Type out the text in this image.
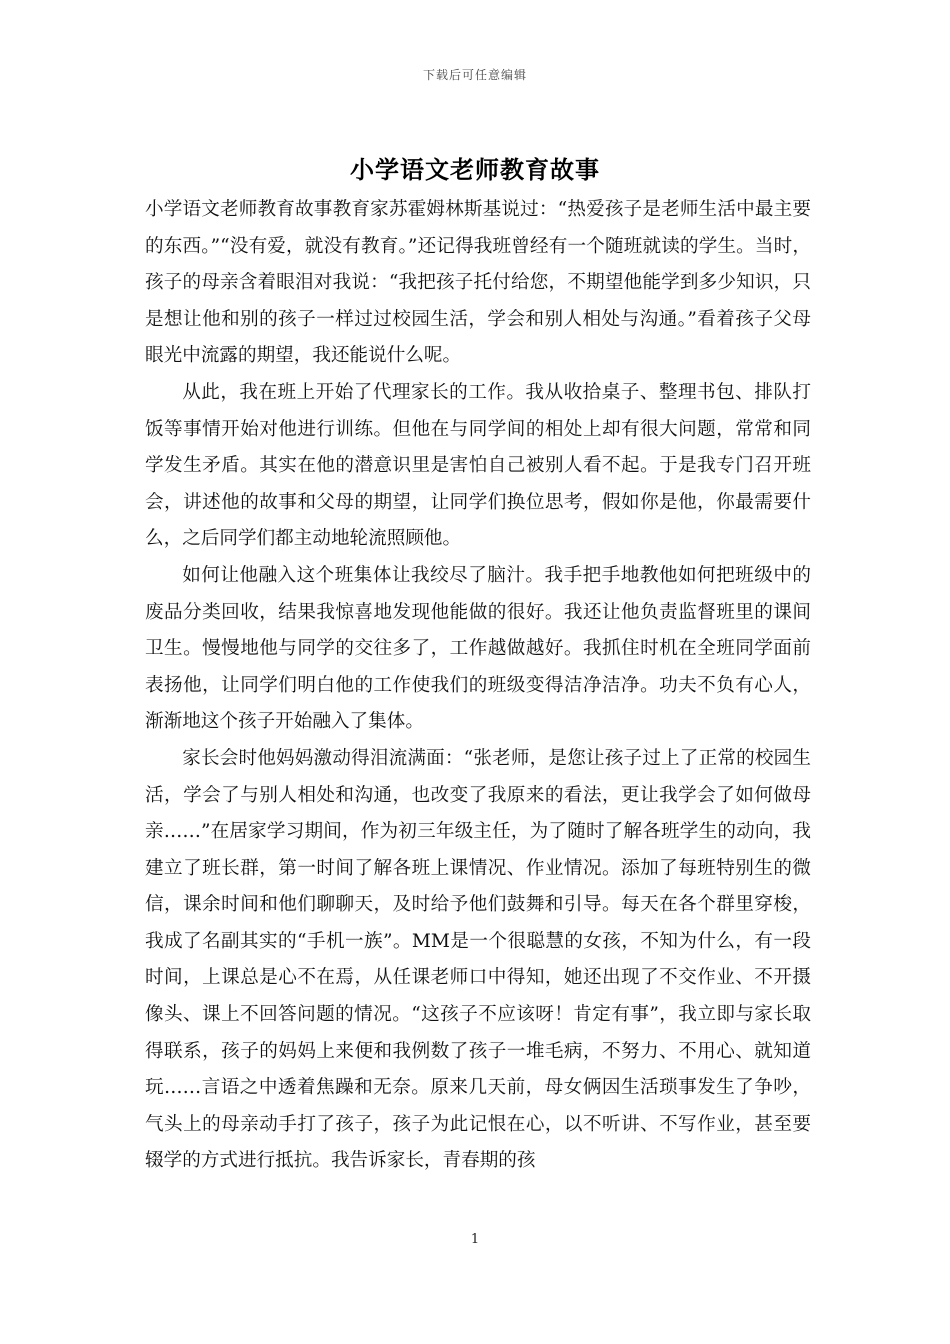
下载后可任意编辑
小学语文老师教育故事

小学语文老师教育故事教育家苏霍姆林斯基说过：“热爱孩子是老师生活中最主要的东西。”“没有爱，就没有教育。”还记得我班曾经有一个随班就读的学生。当时，孩子的母亲含着眼泪对我说：“我把孩子托付给您，不期望他能学到多少知识，只是想让他和别的孩子一样过过校园生活，学会和别人相处与沟通。”看着孩子父母眼光中流露的期望，我还能说什么呢。

从此，我在班上开始了代理家长的工作。我从收拾桌子、整理书包、排队打饭等事情开始对他进行训练。但他在与同学间的相处上却有很大问题，常常和同学发生矛盾。其实在他的潜意识里是害怕自己被别人看不起。于是我专门召开班会，讲述他的故事和父母的期望，让同学们换位思考，假如你是他，你最需要什么，之后同学们都主动地轮流照顾他。

如何让他融入这个班集体让我绞尽了脑汁。我手把手地教他如何把班级中的废品分类回收，结果我惊喜地发现他能做的很好。我还让他负责监督班里的课间卫生。慢慢地他与同学的交往多了，工作越做越好。我抓住时机在全班同学面前表扬他，让同学们明白他的工作使我们的班级变得洁净洁净。功夫不负有心人，渐渐地这个孩子开始融入了集体。

家长会时他妈妈激动得泪流满面：“张老师，是您让孩子过上了正常的校园生活，学会了与别人相处和沟通，也改变了我原来的看法，更让我学会了如何做母亲……”在居家学习期间，作为初三年级主任，为了随时了解各班学生的动向，我建立了班长群，第一时间了解各班上课情况、作业情况。添加了每班特别生的微信，课余时间和他们聊聊天，及时给予他们鼓舞和引导。每天在各个群里穿梭，我成了名副其实的“手机一族”。MM是一个很聪慧的女孩，不知为什么，有一段时间，上课总是心不在焉，从任课老师口中得知，她还出现了不交作业、不开摄像头、课上不回答问题的情况。“这孩子不应该呀！肯定有事”，我立即与家长取得联系，孩子的妈妈上来便和我例数了孩子一堆毛病，不努力、不用心、就知道玩……言语之中透着焦躁和无奈。原来几天前，母女俩因生活琐事发生了争吵，气头上的母亲动手打了孩子，孩子为此记恨在心，以不听讲、不写作业，甚至要辍学的方式进行抵抗。我告诉家长，青春期的孩

1
